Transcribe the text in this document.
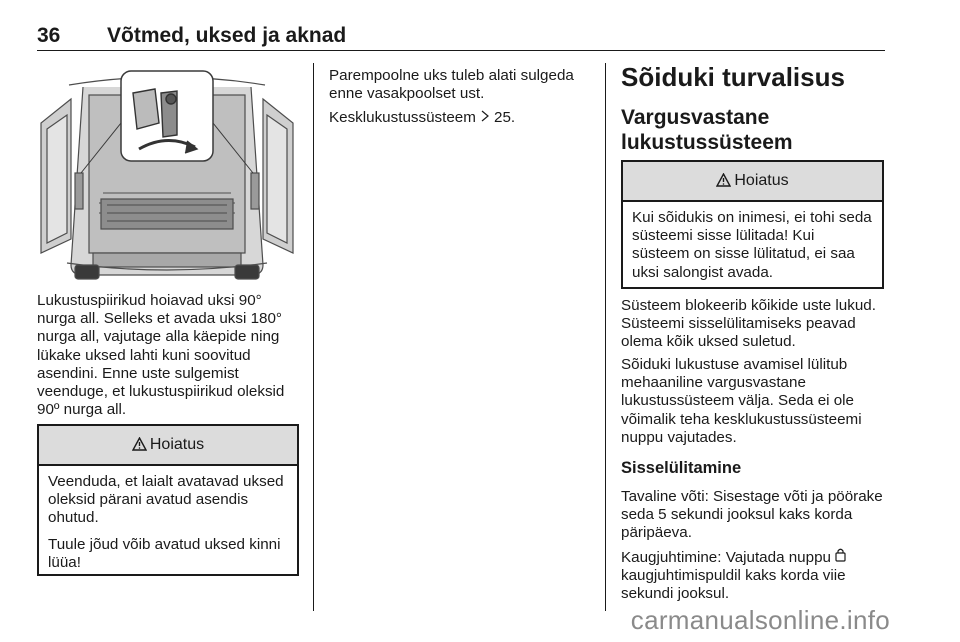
36 Võtmed, uksed ja aknad

Lukustuspiirikud hoiavad uksi 90° nurga all. Selleks et avada uksi 180° nurga all, vajutage alla käepide ning lükake uksed lahti kuni soovitud asendini. Enne uste sulgemist veenduge, et lukustuspiirikud oleksid 90º nurga all.

Hoiatus

Veenduda, et laialt avatavad uksed oleksid pärani avatud asendis ohutud.

Tuule jõud võib avatud uksed kinni lüüa!

Parempoolne uks tuleb alati sulgeda enne vasakpoolset ust.

Kesklukustussüsteem 25.

Sõiduki turvalisus
Vargusvastane lukustussüsteem
Hoiatus

Kui sõidukis on inimesi, ei tohi seda süsteemi sisse lülitada! Kui süsteem on sisse lülitatud, ei saa uksi salongist avada.

Süsteem blokeerib kõikide uste lukud. Süsteemi sisselülitamiseks peavad olema kõik uksed suletud.

Sõiduki lukustuse avamisel lülitub mehaaniline vargusvastane lukustussüsteem välja. Seda ei ole võimalik teha kesklukustussüsteemi nuppu vajutades.

Sisselülitamine

Tavaline võti: Sisestage võti ja pöörake seda 5 sekundi jooksul kaks korda päripäeva.

Kaugjuhtimine: Vajutada nuppu  kaugjuhtimispuldil kaks korda viie sekundi jooksul.

carmanualsonline.info
